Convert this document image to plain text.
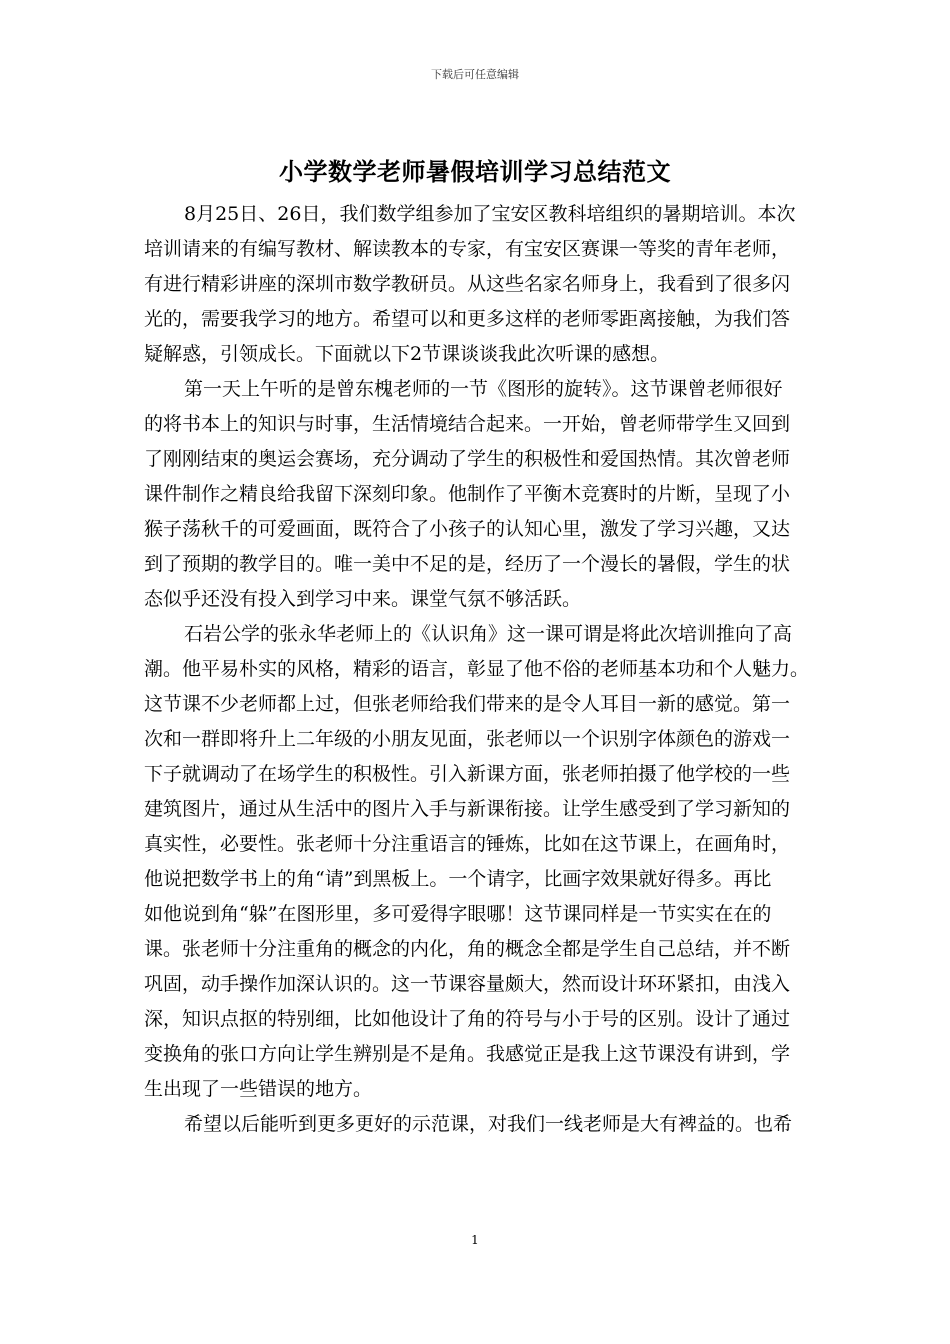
下载后可任意编辑
小学数学老师暑假培训学习总结范文
8月25日、26日，我们数学组参加了宝安区教科培组织的暑期培训。本次
培训请来的有编写教材、解读教本的专家，有宝安区赛课一等奖的青年老师，
有进行精彩讲座的深圳市数学教研员。从这些名家名师身上，我看到了很多闪
光的，需要我学习的地方。希望可以和更多这样的老师零距离接触，为我们答
疑解惑，引领成长。下面就以下2节课谈谈我此次听课的感想。
第一天上午听的是曾东槐老师的一节《图形的旋转》。这节课曾老师很好
的将书本上的知识与时事，生活情境结合起来。一开始，曾老师带学生又回到
了刚刚结束的奥运会赛场，充分调动了学生的积极性和爱国热情。其次曾老师
课件制作之精良给我留下深刻印象。他制作了平衡木竞赛时的片断，呈现了小
猴子荡秋千的可爱画面，既符合了小孩子的认知心里，激发了学习兴趣，又达
到了预期的教学目的。唯一美中不足的是，经历了一个漫长的暑假，学生的状
态似乎还没有投入到学习中来。课堂气氛不够活跃。
石岩公学的张永华老师上的《认识角》这一课可谓是将此次培训推向了高
潮。他平易朴实的风格，精彩的语言，彰显了他不俗的老师基本功和个人魅力。
这节课不少老师都上过，但张老师给我们带来的是令人耳目一新的感觉。第一
次和一群即将升上二年级的小朋友见面，张老师以一个识别字体颜色的游戏一
下子就调动了在场学生的积极性。引入新课方面，张老师拍摄了他学校的一些
建筑图片，通过从生活中的图片入手与新课衔接。让学生感受到了学习新知的
真实性，必要性。张老师十分注重语言的锤炼，比如在这节课上，在画角时，
他说把数学书上的角“请”到黑板上。一个请字，比画字效果就好得多。再比
如他说到角“躲”在图形里，多可爱得字眼哪！这节课同样是一节实实在在的
课。张老师十分注重角的概念的内化，角的概念全都是学生自己总结，并不断
巩固，动手操作加深认识的。这一节课容量颇大，然而设计环环紧扣，由浅入
深，知识点抠的特别细，比如他设计了角的符号与小于号的区别。设计了通过
变换角的张口方向让学生辨别是不是角。我感觉正是我上这节课没有讲到，学
生出现了一些错误的地方。
希望以后能听到更多更好的示范课，对我们一线老师是大有裨益的。也希
1
